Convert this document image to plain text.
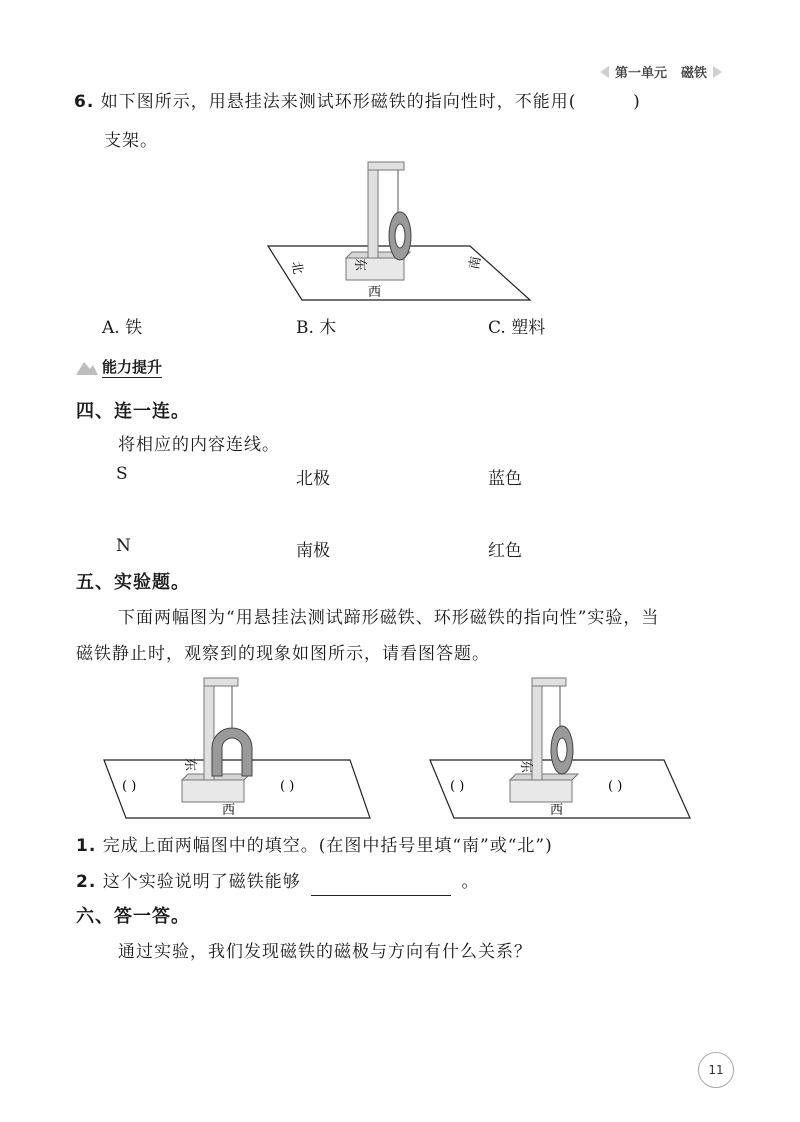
第一单元 磁铁
6. 如下图所示，用悬挂法来测试环形磁铁的指向性时，不能用(	)
支架。
东
北	南
西
A. 铁	B. 木	C. 塑料
能力提升
四、连一连。
将相应的内容连线。
S	北极	蓝色
N	南极	红色
五、实验题。
下面两幅图为“用悬挂法测试蹄形磁铁、环形磁铁的指向性”实验，当
磁铁静止时，观察到的现象如图所示，请看图答题。
东
( )	( )
西
东
( )	( )
西
1. 完成上面两幅图中的填空。(在图中括号里填“南”或“北”)
2. 这个实验说明了磁铁能够	。
六、答一答。
通过实验，我们发现磁铁的磁极与方向有什么关系？
11
